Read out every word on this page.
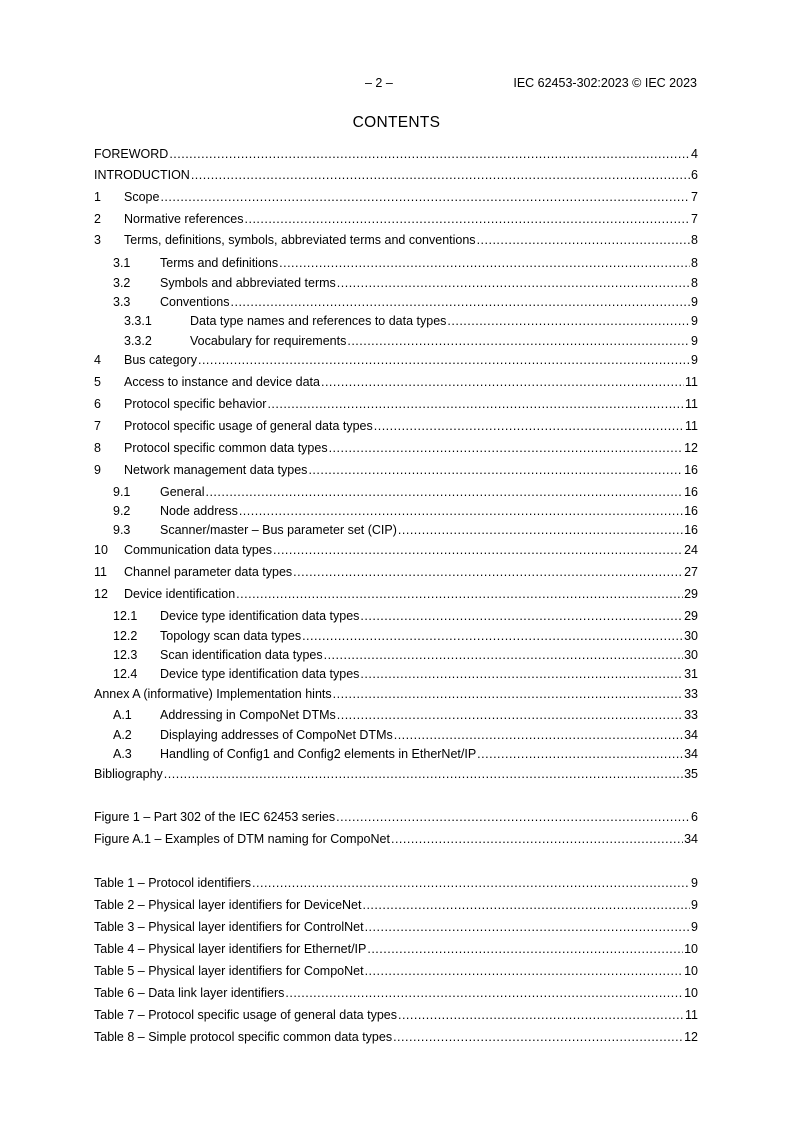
– 2 –	IEC 62453-302:2023 © IEC 2023
CONTENTS
FOREWORD .....	4
INTRODUCTION .....	6
1	Scope .....	7
2	Normative references .....	7
3	Terms, definitions, symbols, abbreviated terms and conventions .....	8
3.1	Terms and definitions .....	8
3.2	Symbols and abbreviated terms .....	8
3.3	Conventions .....	9
3.3.1	Data type names and references to data types .....	9
3.3.2	Vocabulary for requirements .....	9
4	Bus category .....	9
5	Access to instance and device data .....	11
6	Protocol specific behavior .....	11
7	Protocol specific usage of general data types .....	11
8	Protocol specific common data types .....	12
9	Network management data types .....	16
9.1	General .....	16
9.2	Node address .....	16
9.3	Scanner/master – Bus parameter set (CIP) .....	16
10	Communication data types .....	24
11	Channel parameter data types .....	27
12	Device identification .....	29
12.1	Device type identification data types .....	29
12.2	Topology scan data types .....	30
12.3	Scan identification data types .....	30
12.4	Device type identification data types .....	31
Annex A (informative) Implementation hints .....	33
A.1	Addressing in CompoNet DTMs .....	33
A.2	Displaying addresses of CompoNet DTMs .....	34
A.3	Handling of Config1 and Config2 elements in EtherNet/IP .....	34
Bibliography .....	35
Figure 1 – Part 302 of the IEC 62453 series .....	6
Figure A.1 – Examples of DTM naming for CompoNet .....	34
Table 1 – Protocol identifiers .....	9
Table 2 – Physical layer identifiers for DeviceNet .....	9
Table 3 – Physical layer identifiers for ControlNet .....	9
Table 4 – Physical layer identifiers for Ethernet/IP .....	10
Table 5 – Physical layer identifiers for CompoNet .....	10
Table 6 – Data link layer identifiers .....	10
Table 7 – Protocol specific usage of general data types .....	11
Table 8 – Simple protocol specific common data types .....	12
